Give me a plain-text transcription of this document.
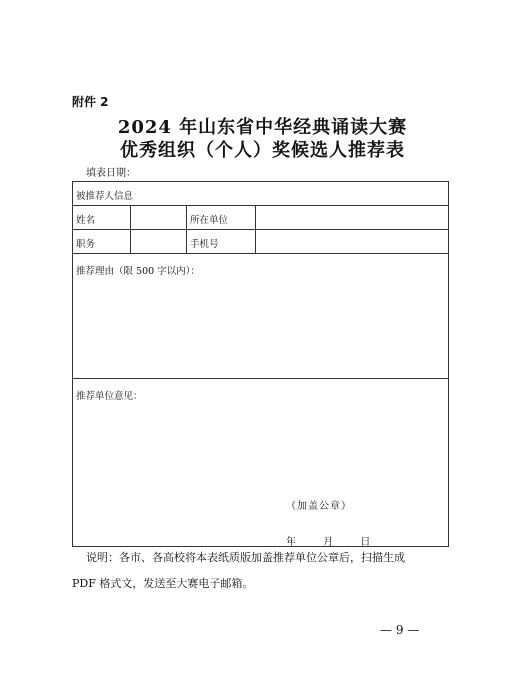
附件 2
2024 年山东省中华经典诵读大赛
优秀组织（个人）奖候选人推荐表
填表日期：
被推荐人信息
姓名	所在单位
职务	手机号
推荐理由（限 500 字以内）：
推荐单位意见：
（加盖公章）
年	月	日
说明：各市、各高校将本表纸质版加盖推荐单位公章后，扫描生成
PDF 格式文，发送至大赛电子邮箱。
— 9 —
